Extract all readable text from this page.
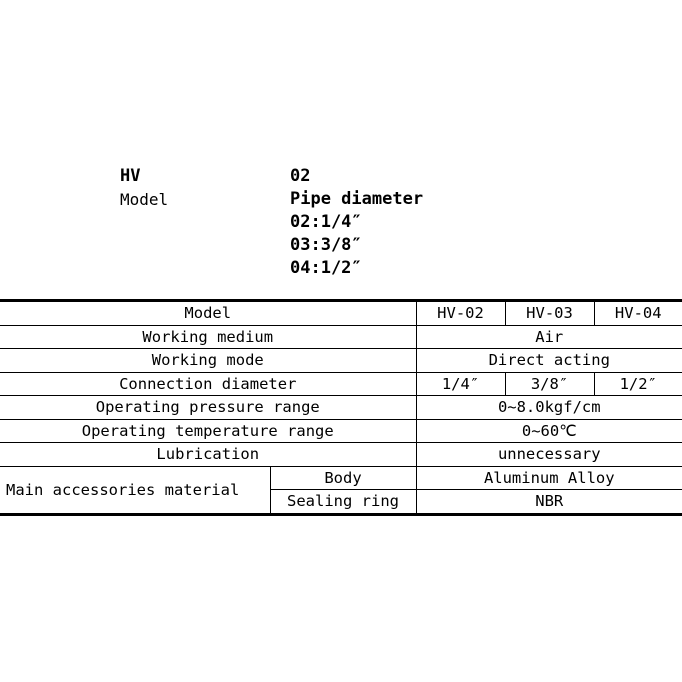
HV
Model
02
Pipe diameter
02:1/4″
03:3/8″
04:1/2″
Model		HV-02	HV-03	HV-04
Working medium		Air		
Working mode		Direct acting		
Connection diameter		1/4″	3/8″	1/2″
Operating pressure range		0~8.0kgf/cm		
Operating temperature range		0~60℃		
Lubrication		unnecessary		
Main accessories material	Body	Aluminum Alloy		
	Sealing ring	NBR		
